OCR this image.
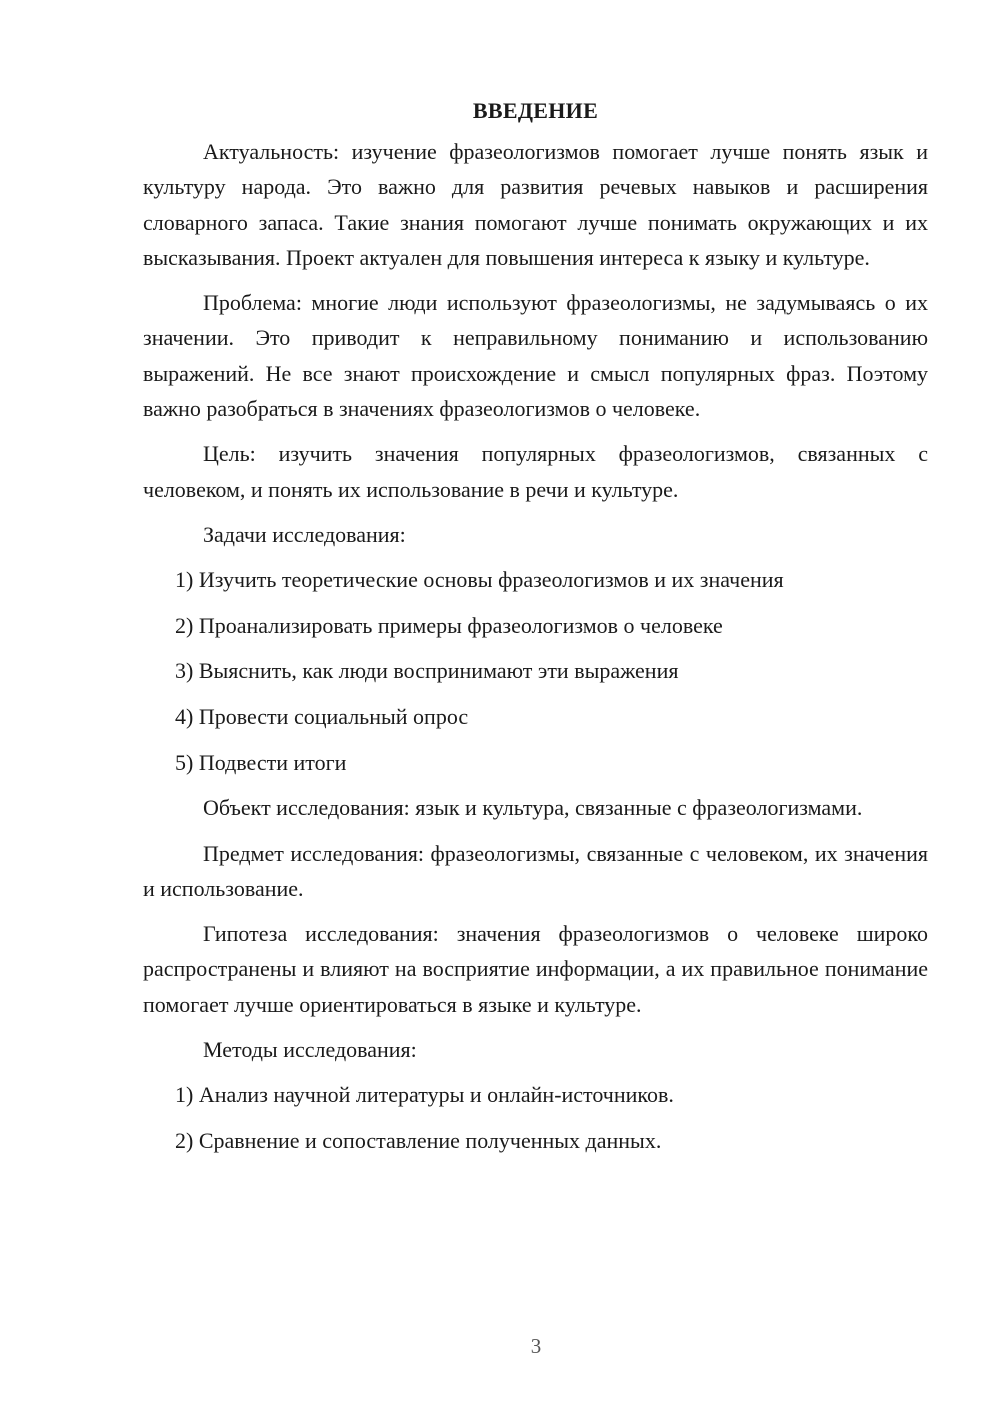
ВВЕДЕНИЕ

Актуальность: изучение фразеологизмов помогает лучше понять язык и культуру народа. Это важно для развития речевых навыков и расширения словарного запаса. Такие знания помогают лучше понимать окружающих и их высказывания. Проект актуален для повышения интереса к языку и культуре.

Проблема: многие люди используют фразеологизмы, не задумываясь о их значении. Это приводит к неправильному пониманию и использованию выражений. Не все знают происхождение и смысл популярных фраз. Поэтому важно разобраться в значениях фразеологизмов о человеке.

Цель: изучить значения популярных фразеологизмов, связанных с человеком, и понять их использование в речи и культуре.

Задачи исследования:

1) Изучить теоретические основы фразеологизмов и их значения
2) Проанализировать примеры фразеологизмов о человеке
3) Выяснить, как люди воспринимают эти выражения
4) Провести социальный опрос
5) Подвести итоги

Объект исследования: язык и культура, связанные с фразеологизмами.

Предмет исследования: фразеологизмы, связанные с человеком, их значения и использование.

Гипотеза исследования: значения фразеологизмов о человеке широко распространены и влияют на восприятие информации, а их правильное понимание помогает лучше ориентироваться в языке и культуре.

Методы исследования:

1) Анализ научной литературы и онлайн-источников.
2) Сравнение и сопоставление полученных данных.
3
